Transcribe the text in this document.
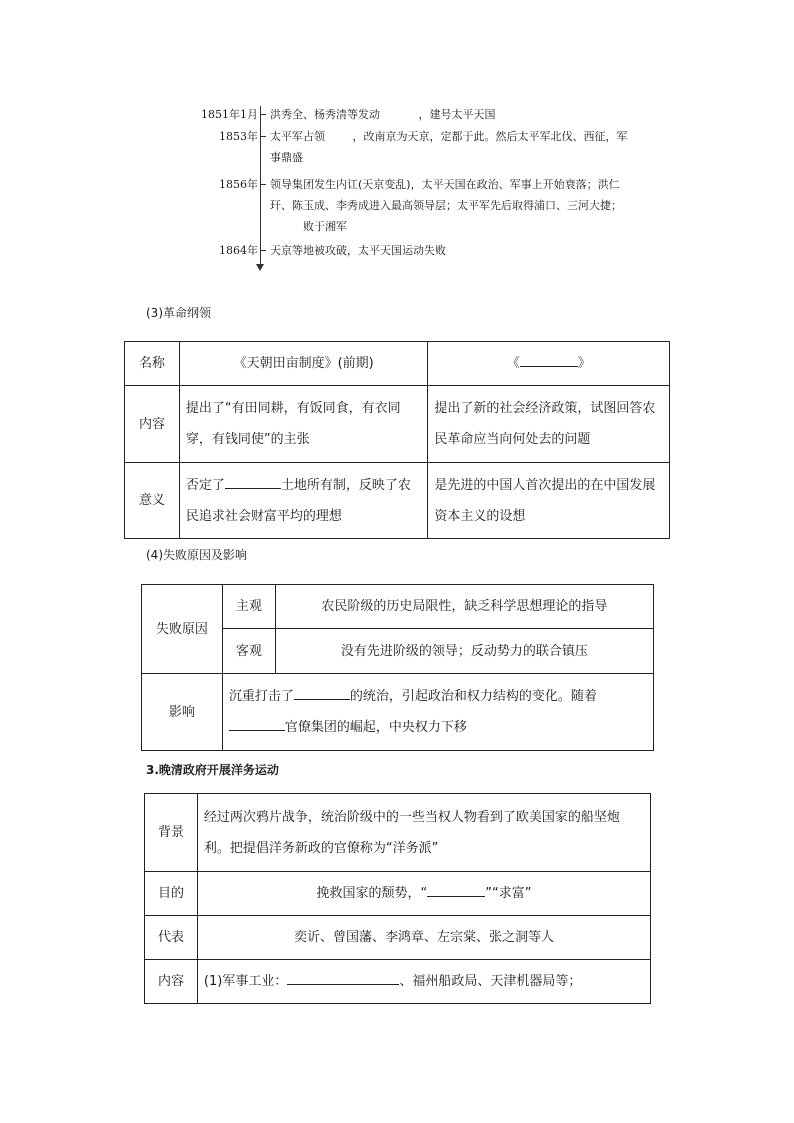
1851年1月 洪秀全、杨秀清等发动	，建号太平天国
1853年 太平军占领	，改南京为天京，定都于此。然后太平军北伐、西征，军事鼎盛
1856年 领导集团发生内讧(天京变乱)，太平天国在政治、军事上开始衰落；洪仁玕、陈玉成、李秀成进入最高领导层；太平军先后取得浦口、三河大捷；败于湘军
1864年 天京等地被攻破，太平天国运动失败
(3)革命纲领
名称	《天朝田亩制度》(前期)	《 》
内容	提出了“有田同耕，有饭同食，有衣同穿，有钱同使”的主张	提出了新的社会经济政策，试图回答农民革命应当向何处去的问题
意义	否定了 土地所有制，反映了农民追求社会财富平均的理想	是先进的中国人首次提出的在中国发展资本主义的设想
(4)失败原因及影响
失败原因	主观	农民阶级的历史局限性，缺乏科学思想理论的指导
	客观	没有先进阶级的领导；反动势力的联合镇压
影响	沉重打击了 的统治，引起政治和权力结构的变化。随着
官僚集团的崛起，中央权力下移	
3.晚清政府开展洋务运动
背景	经过两次鸦片战争，统治阶级中的一些当权人物看到了欧美国家的船坚炮利。把提倡洋务新政的官僚称为“洋务派”
目的	挽救国家的颓势，“ ”“求富”
代表	奕䜣、曾国藩、李鸿章、左宗棠、张之洞等人
内容	(1)军事工业： 、福州船政局、天津机器局等；
